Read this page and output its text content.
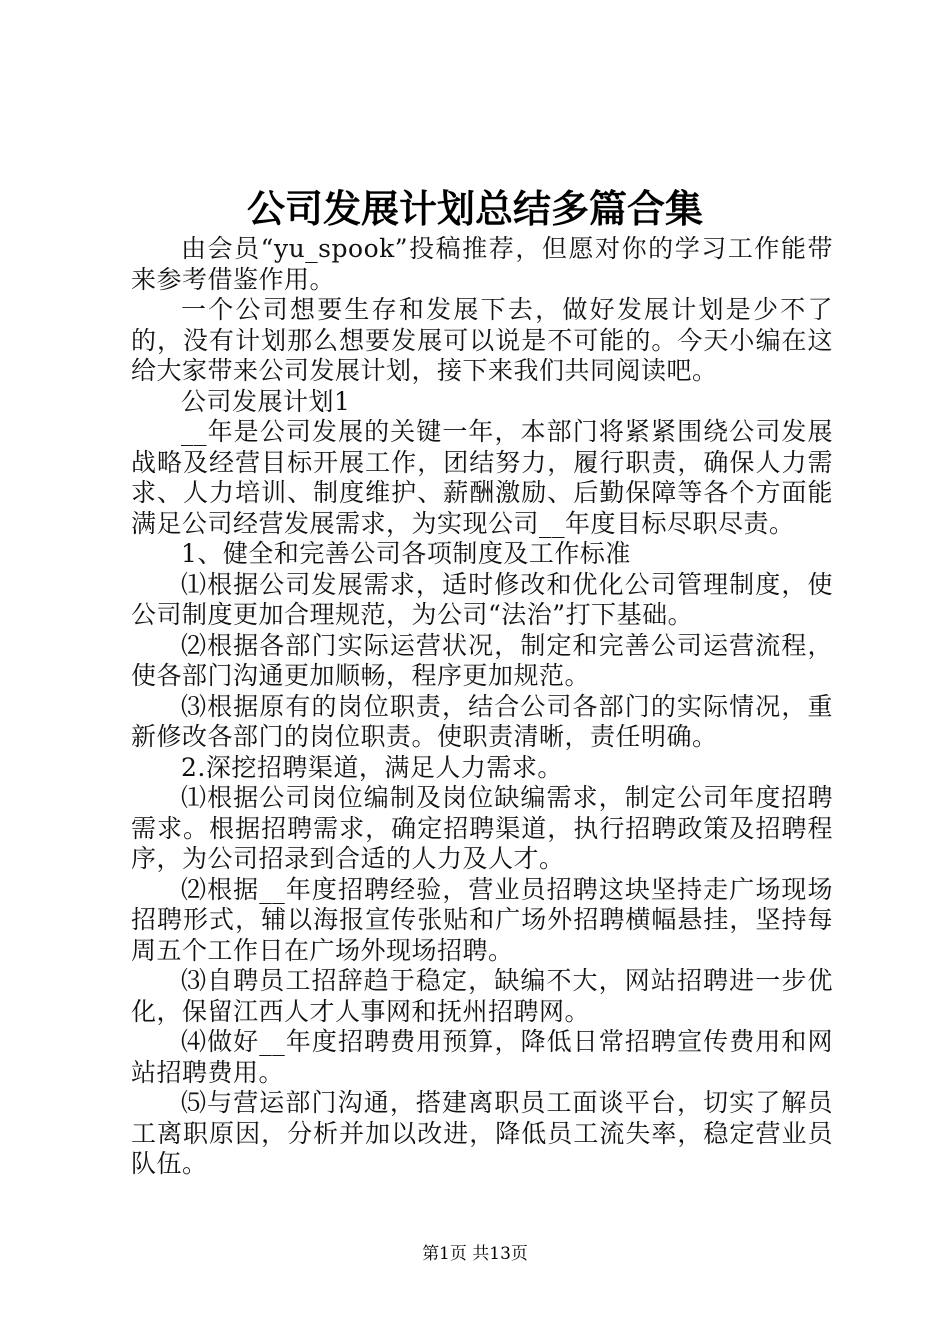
公司发展计划总结多篇合集

由会员“yu_spook”投稿推荐，但愿对你的学习工作能带来参考借鉴作用。

一个公司想要生存和发展下去，做好发展计划是少不了的，没有计划那么想要发展可以说是不可能的。今天小编在这给大家带来公司发展计划，接下来我们共同阅读吧。

公司发展计划1

__年是公司发展的关键一年，本部门将紧紧围绕公司发展战略及经营目标开展工作，团结努力，履行职责，确保人力需求、人力培训、制度维护、薪酬激励、后勤保障等各个方面能满足公司经营发展需求，为实现公司__年度目标尽职尽责。

1、健全和完善公司各项制度及工作标准

⑴根据公司发展需求，适时修改和优化公司管理制度，使公司制度更加合理规范，为公司“法治”打下基础。

⑵根据各部门实际运营状况，制定和完善公司运营流程，使各部门沟通更加顺畅，程序更加规范。

⑶根据原有的岗位职责，结合公司各部门的实际情况，重新修改各部门的岗位职责。使职责清晰，责任明确。

2.深挖招聘渠道，满足人力需求。

⑴根据公司岗位编制及岗位缺编需求，制定公司年度招聘需求。根据招聘需求，确定招聘渠道，执行招聘政策及招聘程序，为公司招录到合适的人力及人才。

⑵根据__年度招聘经验，营业员招聘这块坚持走广场现场招聘形式，辅以海报宣传张贴和广场外招聘横幅悬挂，坚持每周五个工作日在广场外现场招聘。

⑶自聘员工招辞趋于稳定，缺编不大，网站招聘进一步优化，保留江西人才人事网和抚州招聘网。

⑷做好__年度招聘费用预算，降低日常招聘宣传费用和网站招聘费用。

⑸与营运部门沟通，搭建离职员工面谈平台，切实了解员工离职原因，分析并加以改进，降低员工流失率，稳定营业员队伍。

第1页 共13页
